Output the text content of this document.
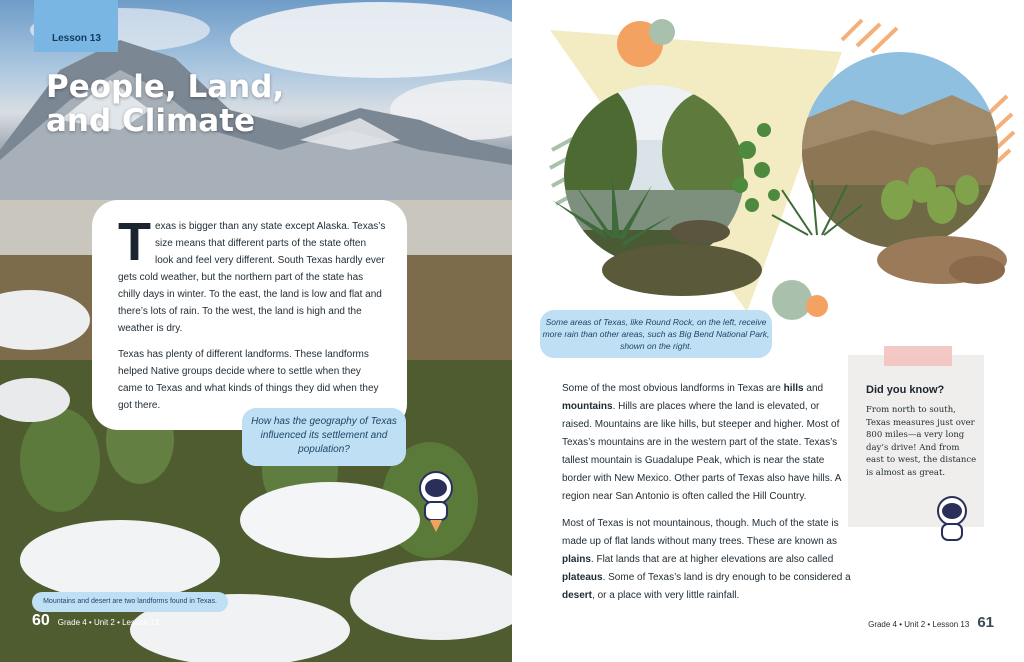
Lesson 13
People, Land, and Climate

Texas is bigger than any state except Alaska. Texas’s size means that different parts of the state often look and feel very different. South Texas hardly ever gets cold weather, but the northern part of the state has chilly days in winter. To the east, the land is low and flat and there’s lots of rain. To the west, the land is high and the weather is dry.

Texas has plenty of different landforms. These landforms helped Native groups decide where to settle when they came to Texas and what kinds of things they did when they got there.

How has the geography of Texas influenced its settlement and population?
Mountains and desert are two landforms found in Texas.
60 Grade 4 • Unit 2 • Lesson 13
Some areas of Texas, like Round Rock, on the left, receive more rain than other areas, such as Big Bend National Park, shown on the right.

Some of the most obvious landforms in Texas are hills and mountains. Hills are places where the land is elevated, or raised. Mountains are like hills, but steeper and higher. Most of Texas’s mountains are in the western part of the state. Texas’s tallest mountain is Guadalupe Peak, which is near the state border with New Mexico. Other parts of Texas also have hills. A region near San Antonio is often called the Hill Country.

Most of Texas is not mountainous, though. Much of the state is made up of flat lands without many trees. These are known as plains. Flat lands that are at higher elevations are also called plateaus. Some of Texas’s land is dry enough to be considered a desert, or a place with very little rainfall.

Did you know?
From north to south, Texas measures just over 800 miles—a very long day’s drive! And from east to west, the distance is almost as great.
Grade 4 • Unit 2 • Lesson 13 61
